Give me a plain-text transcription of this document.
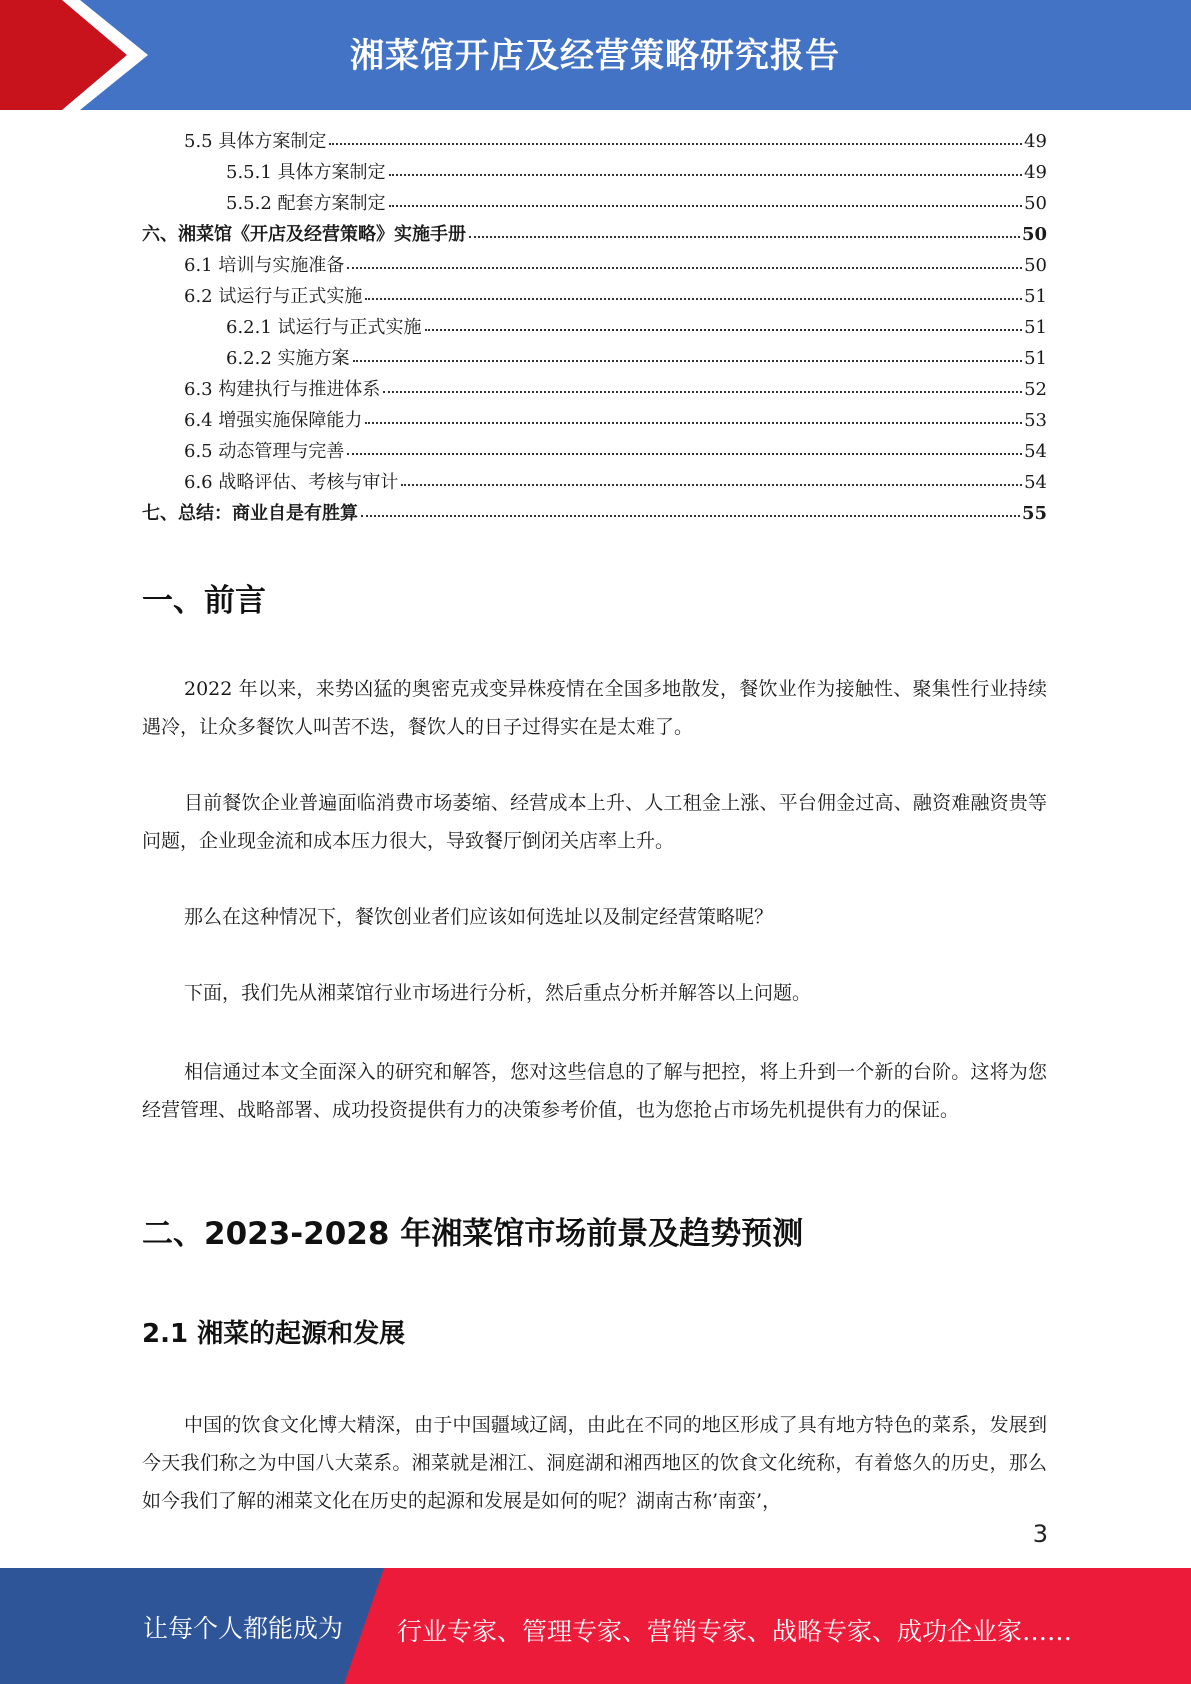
湘菜馆开店及经营策略研究报告
5.5 具体方案制定	49
5.5.1 具体方案制定	49
5.5.2 配套方案制定	50
六、湘菜馆《开店及经营策略》实施手册	50
6.1 培训与实施准备	50
6.2 试运行与正式实施	51
6.2.1 试运行与正式实施	51
6.2.2 实施方案	51
6.3 构建执行与推进体系	52
6.4 增强实施保障能力	53
6.5 动态管理与完善	54
6.6 战略评估、考核与审计	54
七、总结：商业自是有胜算	55
一、前言
2022 年以来，来势凶猛的奥密克戎变异株疫情在全国多地散发，餐饮业作为接触性、聚集性行业持续遇冷，让众多餐饮人叫苦不迭，餐饮人的日子过得实在是太难了。
目前餐饮企业普遍面临消费市场萎缩、经营成本上升、人工租金上涨、平台佣金过高、融资难融资贵等问题，企业现金流和成本压力很大，导致餐厅倒闭关店率上升。
那么在这种情况下，餐饮创业者们应该如何选址以及制定经营策略呢？
下面，我们先从湘菜馆行业市场进行分析，然后重点分析并解答以上问题。
相信通过本文全面深入的研究和解答，您对这些信息的了解与把控，将上升到一个新的台阶。这将为您经营管理、战略部署、成功投资提供有力的决策参考价值，也为您抢占市场先机提供有力的保证。
二、2023-2028 年湘菜馆市场前景及趋势预测
2.1 湘菜的起源和发展
中国的饮食文化博大精深，由于中国疆域辽阔，由此在不同的地区形成了具有地方特色的菜系，发展到今天我们称之为中国八大菜系。湘菜就是湘江、洞庭湖和湘西地区的饮食文化统称，有着悠久的历史，那么如今我们了解的湘菜文化在历史的起源和发展是如何的呢？湖南古称’南蛮’，
3
让每个人都能成为 行业专家、管理专家、营销专家、战略专家、成功企业家……
